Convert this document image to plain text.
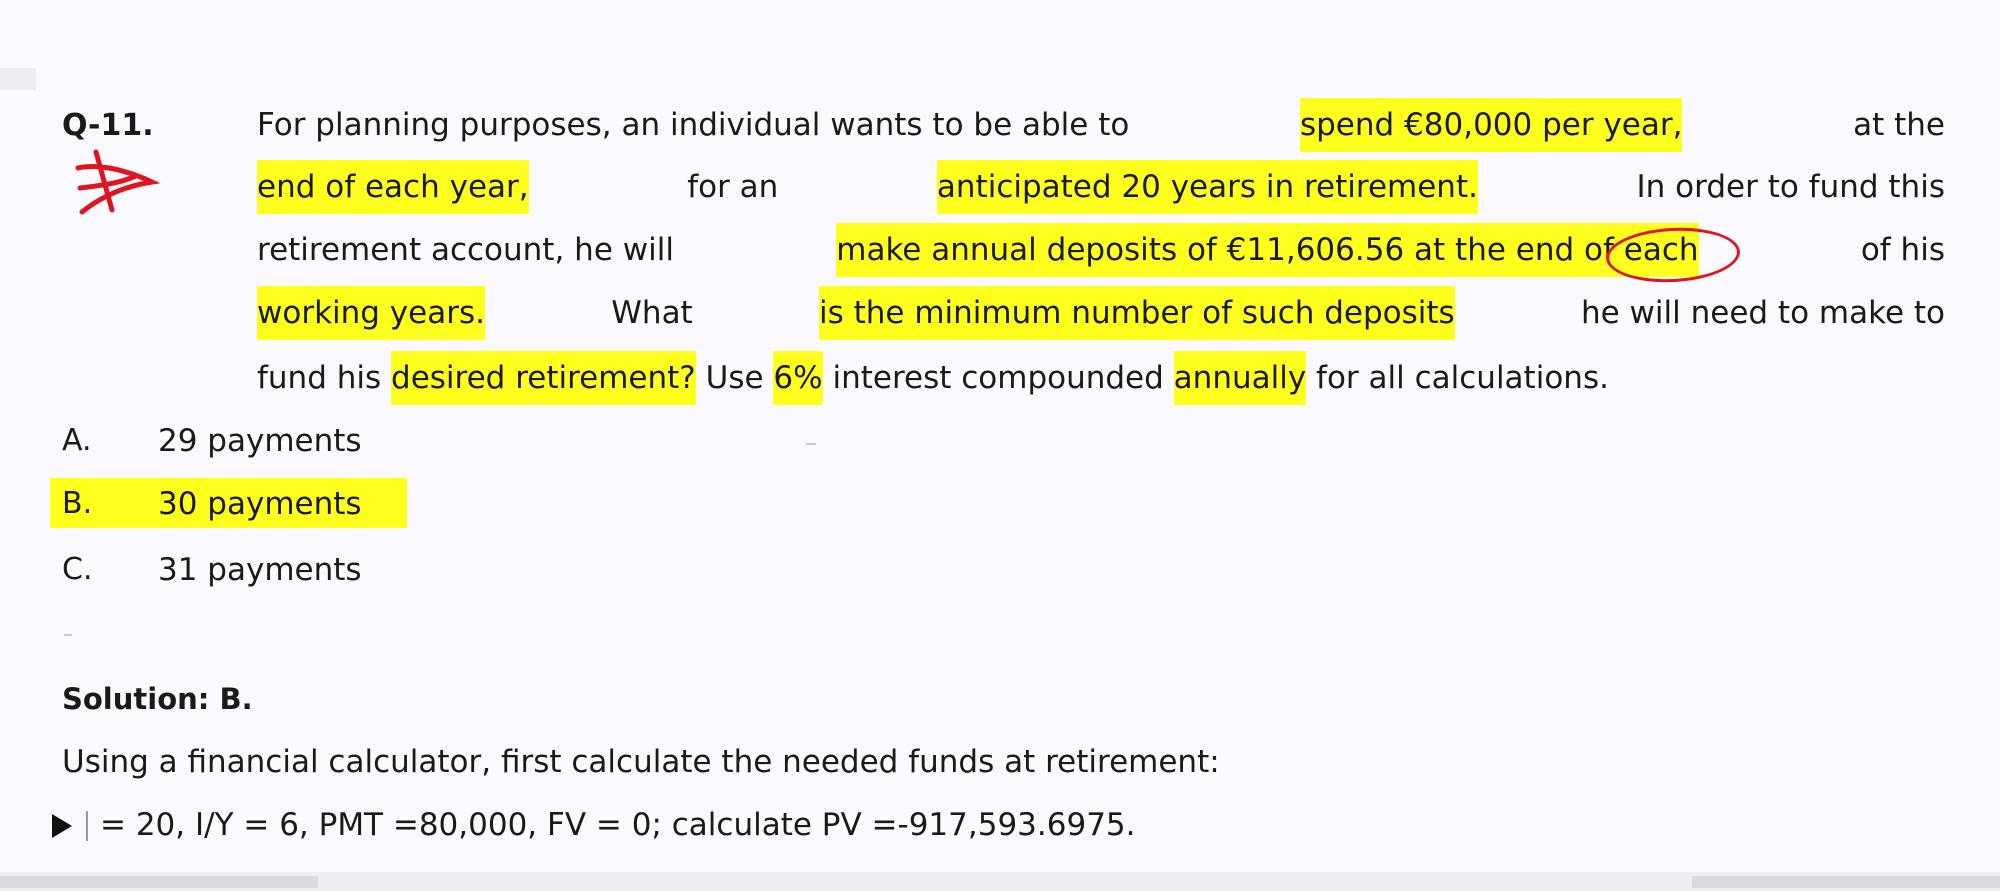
Q-11.	For planning purposes, an individual wants to be able to	spend €80,000 per year,	at the
end of each year,	for an	anticipated 20 years in retirement.	In order to fund this
retirement account, he will	make annual deposits of €11,606.56 at the end of each	of his
working years.	What	is the minimum number of such deposits	he will need to make to
fund his
desired retirement?
Use
6%
interest compounded
annually
for all calculations.
A. 29 payments
B. 30 payments
C. 31 payments
Solution: B.
Using a financial calculator, first calculate the needed funds at retirement:
= 20, I/Y = 6, PMT =80,000, FV = 0; calculate PV =-917,593.6975.
